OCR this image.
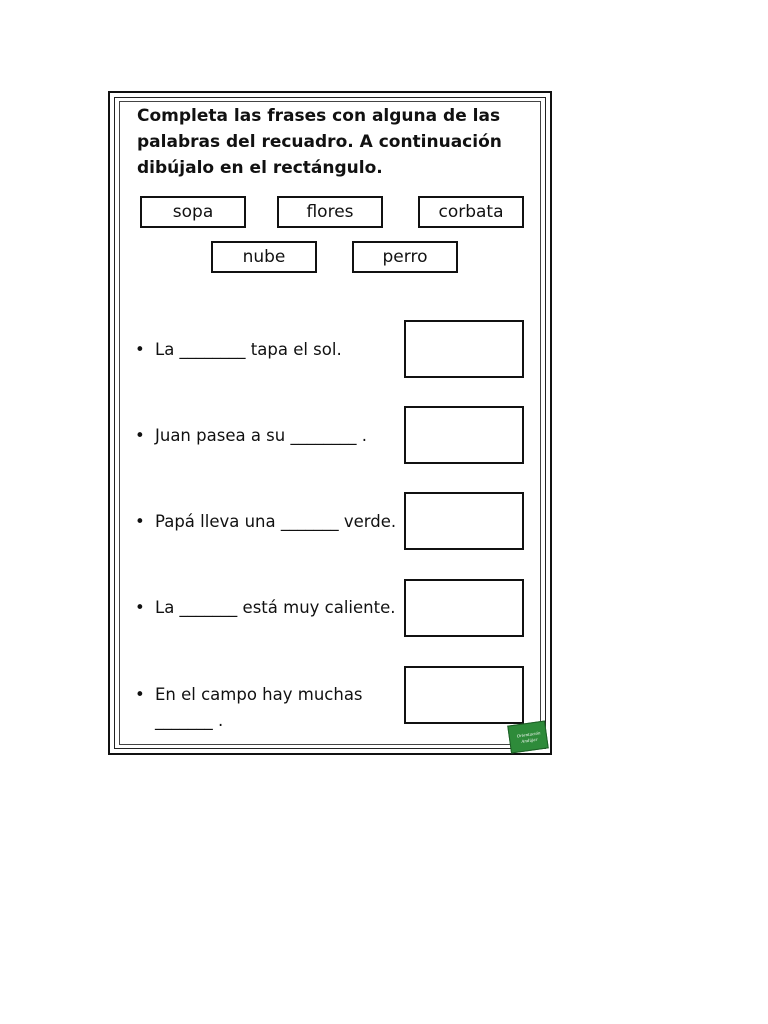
Completa las frases con alguna de las palabras del recuadro. A continuación dibújalo en el rectángulo.
sopa	flores	corbata
nube	perro
• La ________ tapa el sol.
• Juan pasea a su ________ .
• Papá lleva una _______ verde.
• La _______ está muy caliente.
• En el campo hay muchas
_______ .
Orientación
Andújar
